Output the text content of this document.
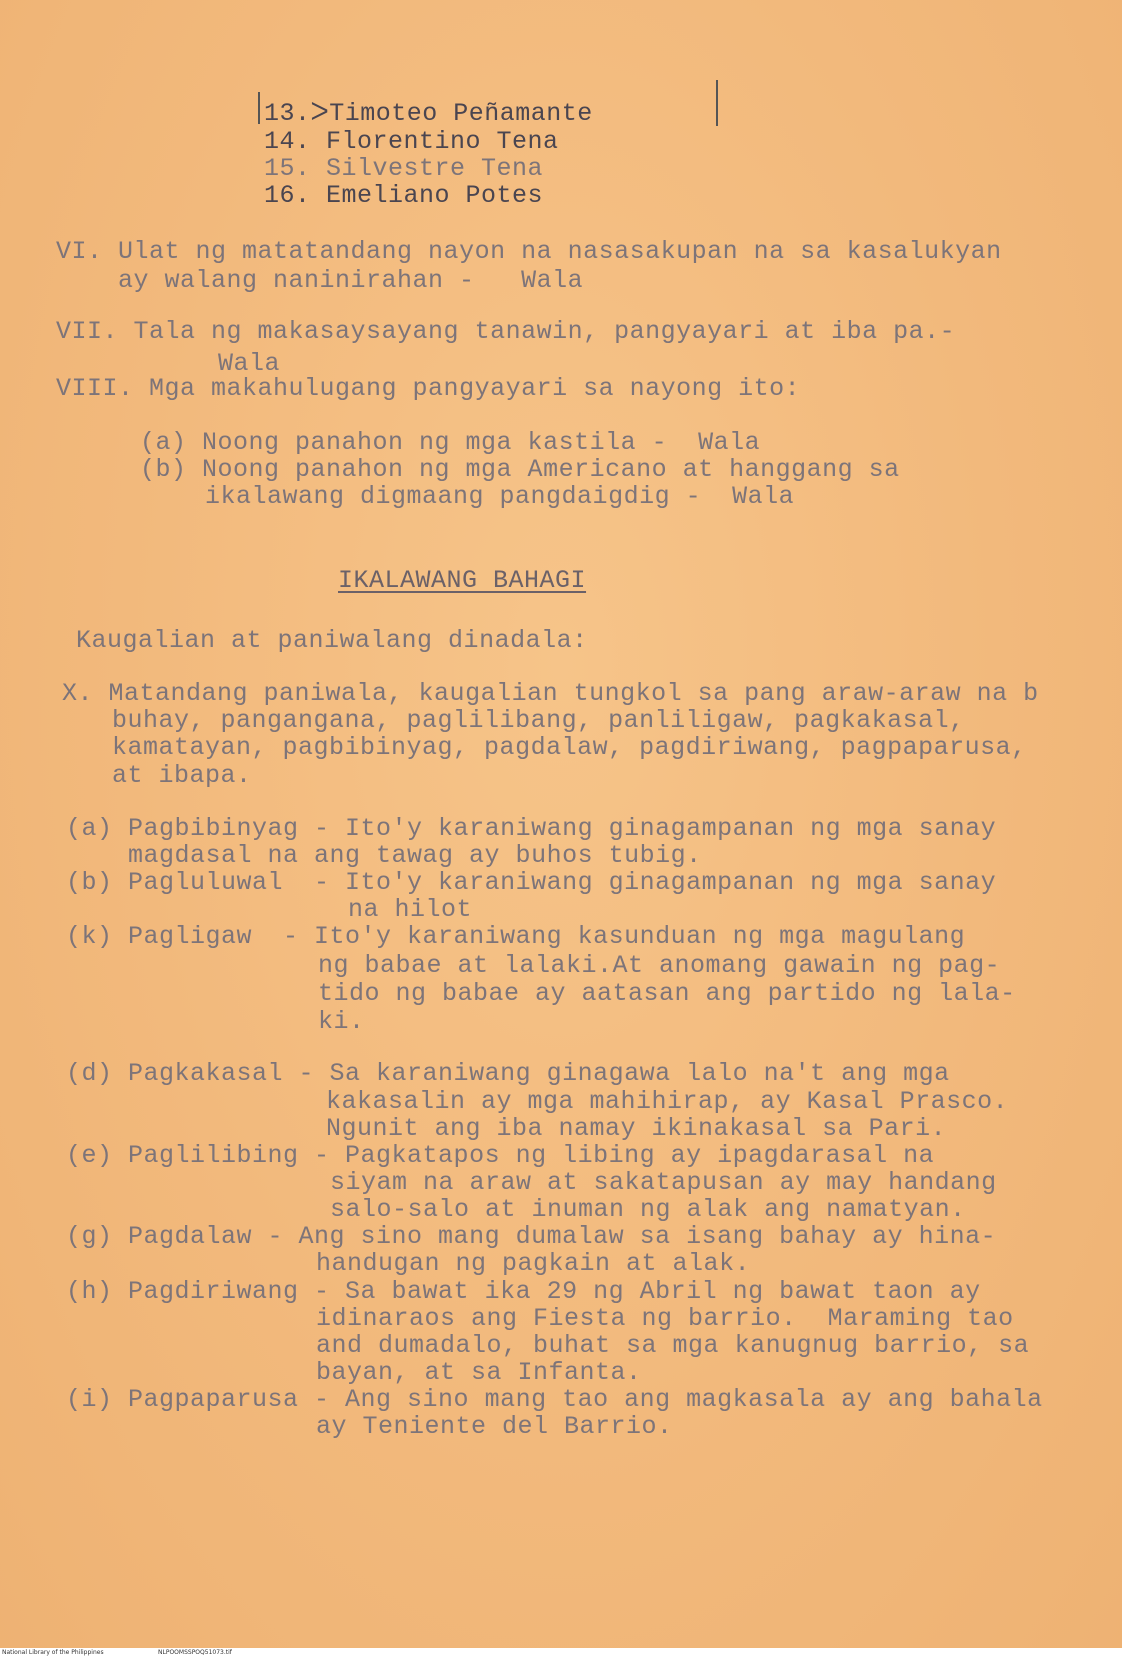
13.ᐳTimoteo Peñamante
14. Florentino Tena
15. Silvestre Tena
16. Emeliano Potes
VI. Ulat ng matatandang nayon na nasasakupan na sa kasalukyan
ay walang naninirahan -   Wala
VII. Tala ng makasaysayang tanawin, pangyayari at iba pa.-
Wala
VIII. Mga makahulugang pangyayari sa nayong ito:
(a) Noong panahon ng mga kastila -  Wala
(b) Noong panahon ng mga Americano at hanggang sa
ikalawang digmaang pangdaigdig -  Wala
IKALAWANG BAHAGI
Kaugalian at paniwalang dinadala:
X. Matandang paniwala, kaugalian tungkol sa pang araw-araw na b
buhay, pangangana, paglilibang, panliligaw, pagkakasal,
kamatayan, pagbibinyag, pagdalaw, pagdiriwang, pagpaparusa,
at ibapa.
(a) Pagbibinyag - Ito'y karaniwang ginagampanan ng mga sanay
magdasal na ang tawag ay buhos tubig.
(b) Pagluluwal  - Ito'y karaniwang ginagampanan ng mga sanay
na hilot
(k) Pagligaw  - Ito'y karaniwang kasunduan ng mga magulang
ng babae at lalaki.At anomang gawain ng pag-
tido ng babae ay aatasan ang partido ng lala-
ki.
(d) Pagkakasal - Sa karaniwang ginagawa lalo na't ang mga
kakasalin ay mga mahihirap, ay Kasal Prasco.
Ngunit ang iba namay ikinakasal sa Pari.
(e) Paglilibing - Pagkatapos ng libing ay ipagdarasal na
siyam na araw at sakatapusan ay may handang
salo-salo at inuman ng alak ang namatyan.
(g) Pagdalaw - Ang sino mang dumalaw sa isang bahay ay hina-
handugan ng pagkain at alak.
(h) Pagdiriwang - Sa bawat ika 29 ng Abril ng bawat taon ay
idinaraos ang Fiesta ng barrio.  Maraming tao
and dumadalo, buhat sa mga kanugnug barrio, sa
bayan, at sa Infanta.
(i) Pagpaparusa - Ang sino mang tao ang magkasala ay ang bahala
ay Teniente del Barrio.
National Library of the Philippines	NLPOOMSSPOQ51073.tif
